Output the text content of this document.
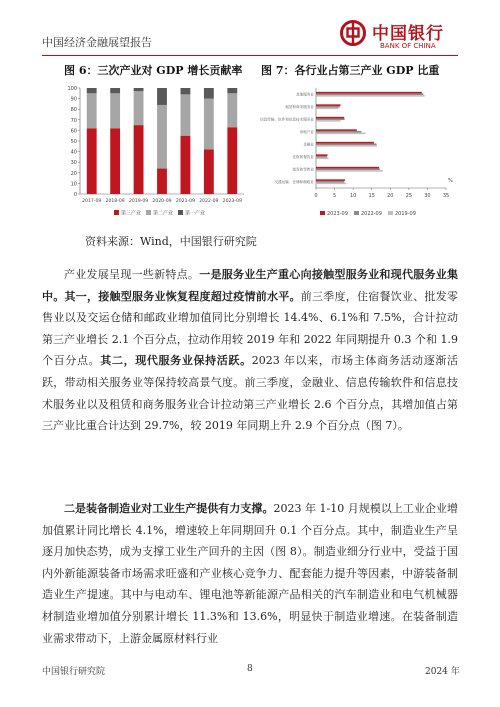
中国经济金融展望报告	中国银行
BANK OF CHINA
图 6：三次产业对 GDP 增长贡献率 图 7：各行业占第三产业 GDP 比重
0
10
20
30
40
50
60
70
80
90
100
2017-09 2018-09 2019-09 2020-09 2021-09 2022-09 2023-09
第三产业 第二产业 第一产业
0	5	10 15 20 25 30 35
%
其他服务业
租赁和商务服务业
信息传输、软件和信息技术服务业
房地产业
金融业
住宿和餐饮业
批发和零售业
交通运输、仓储和邮政业
2023-09	2022-09	2019-09
资料来源：Wind，中国银行研究院
产业发展呈现一些新特点。一是服务业生产重心向接触型服务业和现代服务业集中。其一，接触型服务业恢复程度超过疫情前水平。前三季度，住宿餐饮业、批发零售业以及交运仓储和邮政业增加值同比分别增长 14.4%、6.1%和 7.5%，合计拉动第三产业增长 2.1 个百分点，拉动作用较 2019 年和 2022 年同期提升 0.3 个和 1.9 个百分点。其二，现代服务业保持活跃。2023 年以来，市场主体商务活动逐渐活跃，带动相关服务业等保持较高景气度。前三季度，金融业、信息传输软件和信息技术服务业以及租赁和商务服务业合计拉动第三产业增长 2.6 个百分点，其增加值占第三产业比重合计达到 29.7%，较 2019 年同期上升 2.9 个百分点（图 7）。
二是装备制造业对工业生产提供有力支撑。2023 年 1-10 月规模以上工业企业增加值累计同比增长 4.1%，增速较上年同期回升 0.1 个百分点。其中，制造业生产呈逐月加快态势，成为支撑工业生产回升的主因（图 8）。制造业细分行业中，受益于国内外新能源装备市场需求旺盛和产业核心竞争力、配套能力提升等因素，中游装备制造业生产提速。其中与电动车、锂电池等新能源产品相关的汽车制造业和电气机械器材制造业增加值分别累计增长 11.3%和 13.6%，明显快于制造业增速。在装备制造业需求带动下，上游金属原材料行业
中国银行研究院	8	2024 年
